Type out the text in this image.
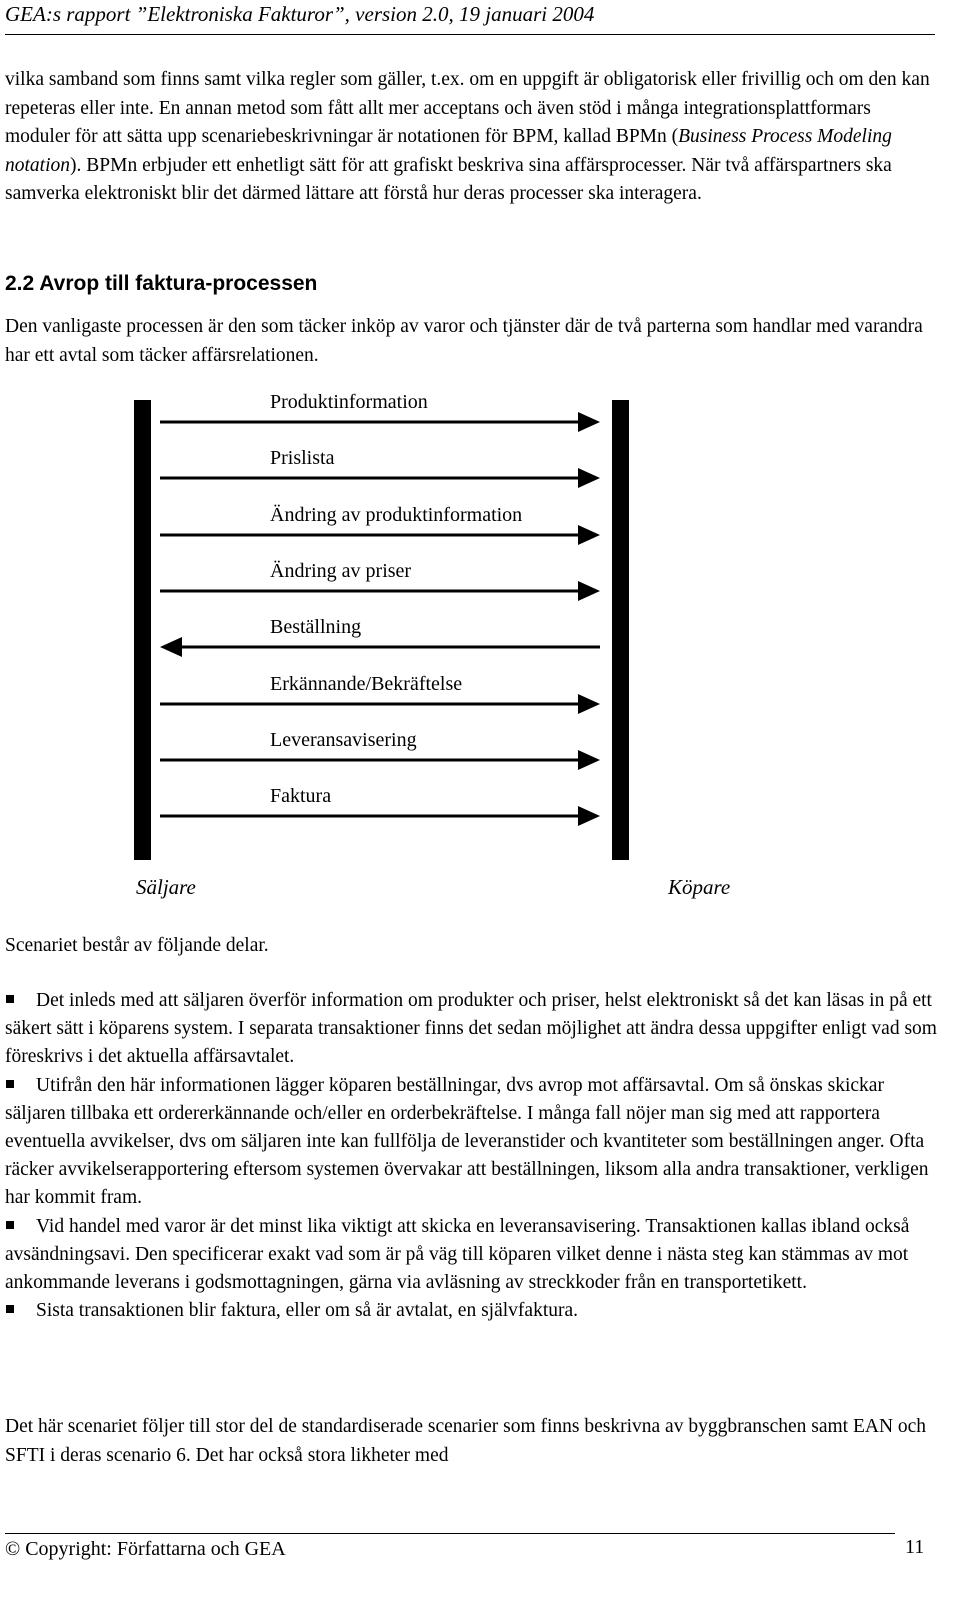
GEA:s rapport ”Elektroniska Fakturor”, version 2.0, 19 januari 2004

vilka samband som finns samt vilka regler som gäller, t.ex. om en uppgift är obligatorisk eller frivillig och om den kan repeteras eller inte. En annan metod som fått allt mer acceptans och även stöd i många integrationsplattformars moduler för att sätta upp scenariebeskrivningar är notationen för BPM, kallad BPMn (Business Process Modeling notation). BPMn erbjuder ett enhetligt sätt för att grafiskt beskriva sina affärsprocesser. När två affärspartners ska samverka elektroniskt blir det därmed lättare att förstå hur deras processer ska interagera.

2.2 Avrop till faktura-processen

Den vanligaste processen är den som täcker inköp av varor och tjänster där de två parterna som handlar med varandra har ett avtal som täcker affärsrelationen.

Produktinformation
Prislista
Ändring av produktinformation
Ändring av priser
Beställning
Erkännande/Bekräftelse
Leveransavisering
Faktura
Säljare	Köpare

Scenariet består av följande delar.

Det inleds med att säljaren överför information om produkter och priser, helst elektroniskt så det kan läsas in på ett säkert sätt i köparens system. I separata transaktioner finns det sedan möjlighet att ändra dessa uppgifter enligt vad som föreskrivs i det aktuella affärsavtalet.
Utifrån den här informationen lägger köparen beställningar, dvs avrop mot affärsavtal. Om så önskas skickar säljaren tillbaka ett ordererkännande och/eller en orderbekräftelse. I många fall nöjer man sig med att rapportera eventuella avvikelser, dvs om säljaren inte kan fullfölja de leveranstider och kvantiteter som beställningen anger. Ofta räcker avvikelserapportering eftersom systemen övervakar att beställningen, liksom alla andra transaktioner, verkligen har kommit fram.
Vid handel med varor är det minst lika viktigt att skicka en leveransavisering. Transaktionen kallas ibland också avsändningsavi. Den specificerar exakt vad som är på väg till köparen vilket denne i nästa steg kan stämmas av mot ankommande leverans i godsmottagningen, gärna via avläsning av streckkoder från en transportetikett.
Sista transaktionen blir faktura, eller om så är avtalat, en självfaktura.

Det här scenariet följer till stor del de standardiserade scenarier som finns beskrivna av byggbranschen samt EAN och SFTI i deras scenario 6. Det har också stora likheter med

© Copyright: Författarna och GEA	11
